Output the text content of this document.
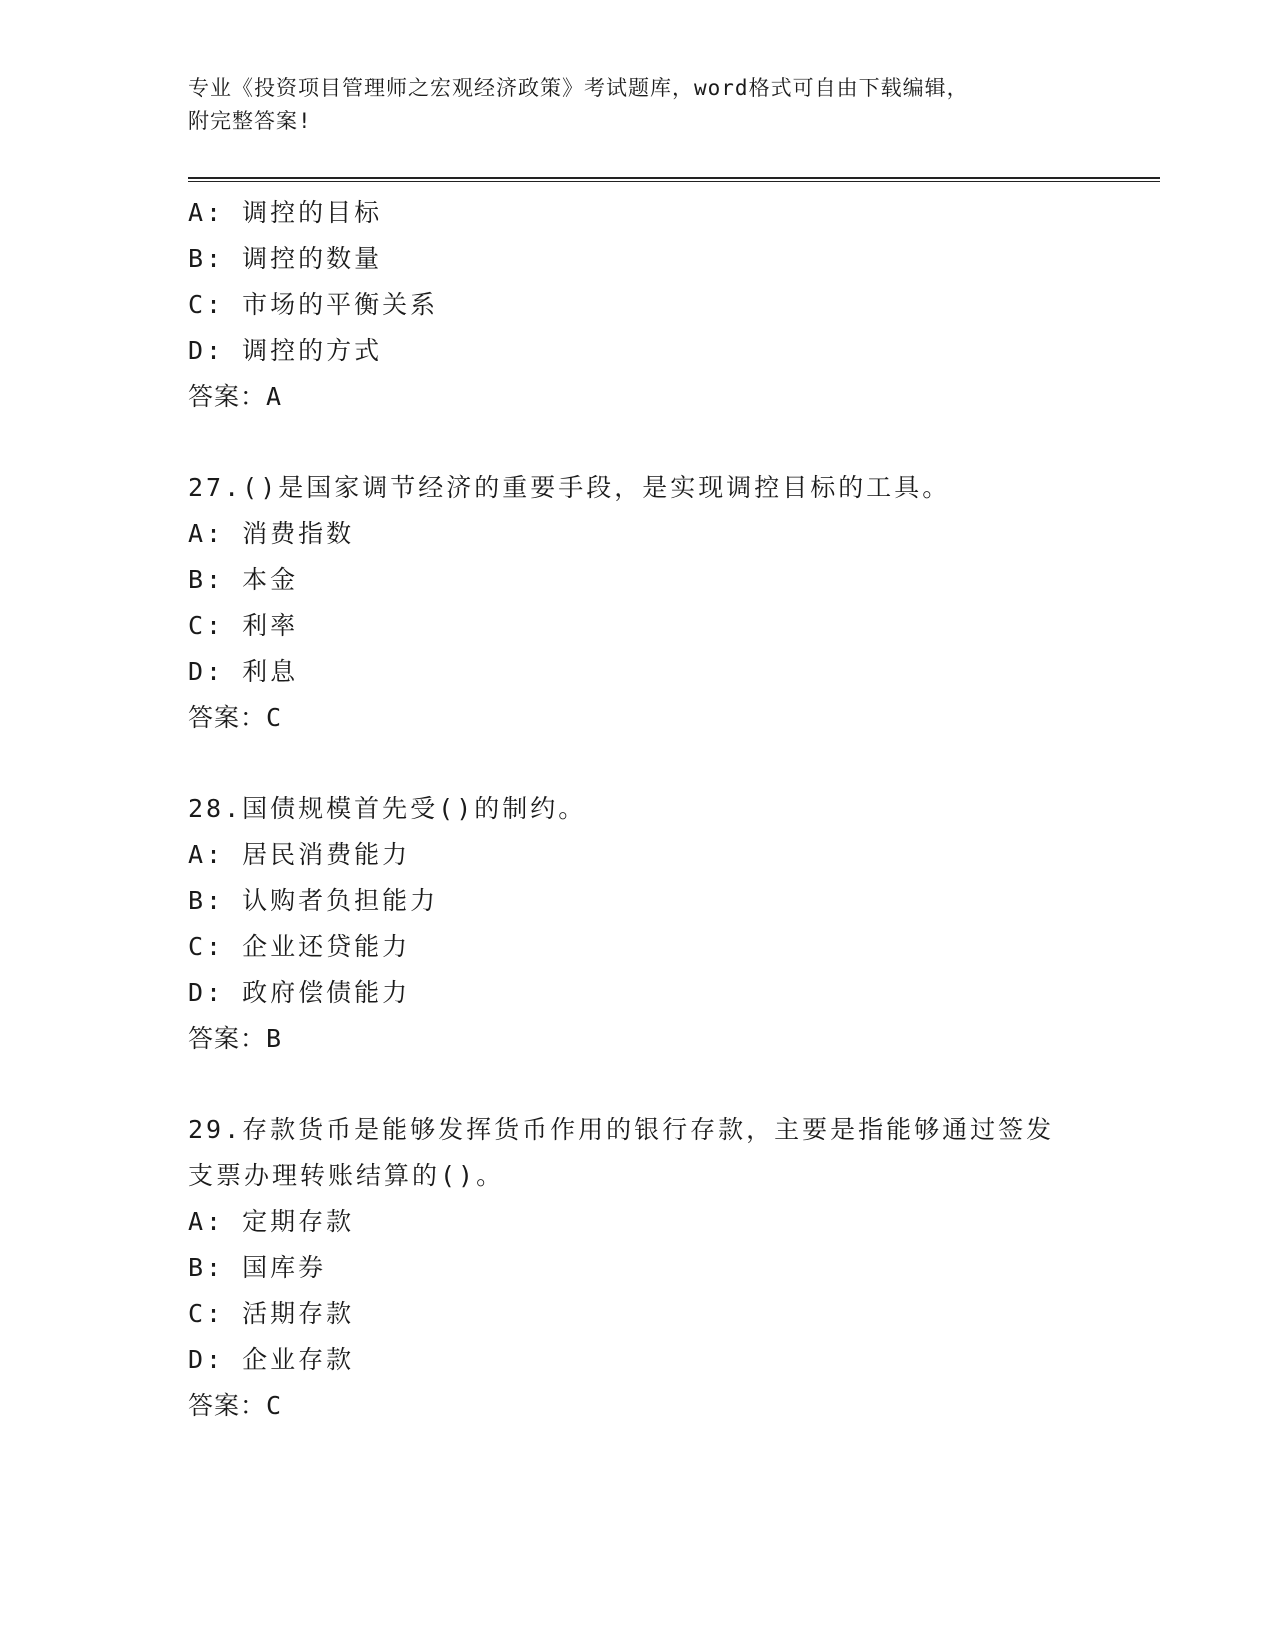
专业《投资项目管理师之宏观经济政策》考试题库，word格式可自由下载编辑，
附完整答案!
A: 调控的目标
B: 调控的数量
C: 市场的平衡关系
D: 调控的方式
答案：A
27.()是国家调节经济的重要手段，是实现调控目标的工具。
A: 消费指数
B: 本金
C: 利率
D: 利息
答案：C
28.国债规模首先受()的制约。
A: 居民消费能力
B: 认购者负担能力
C: 企业还贷能力
D: 政府偿债能力
答案：B
29.存款货币是能够发挥货币作用的银行存款，主要是指能够通过签发
支票办理转账结算的()。
A: 定期存款
B: 国库券
C: 活期存款
D: 企业存款
答案：C
